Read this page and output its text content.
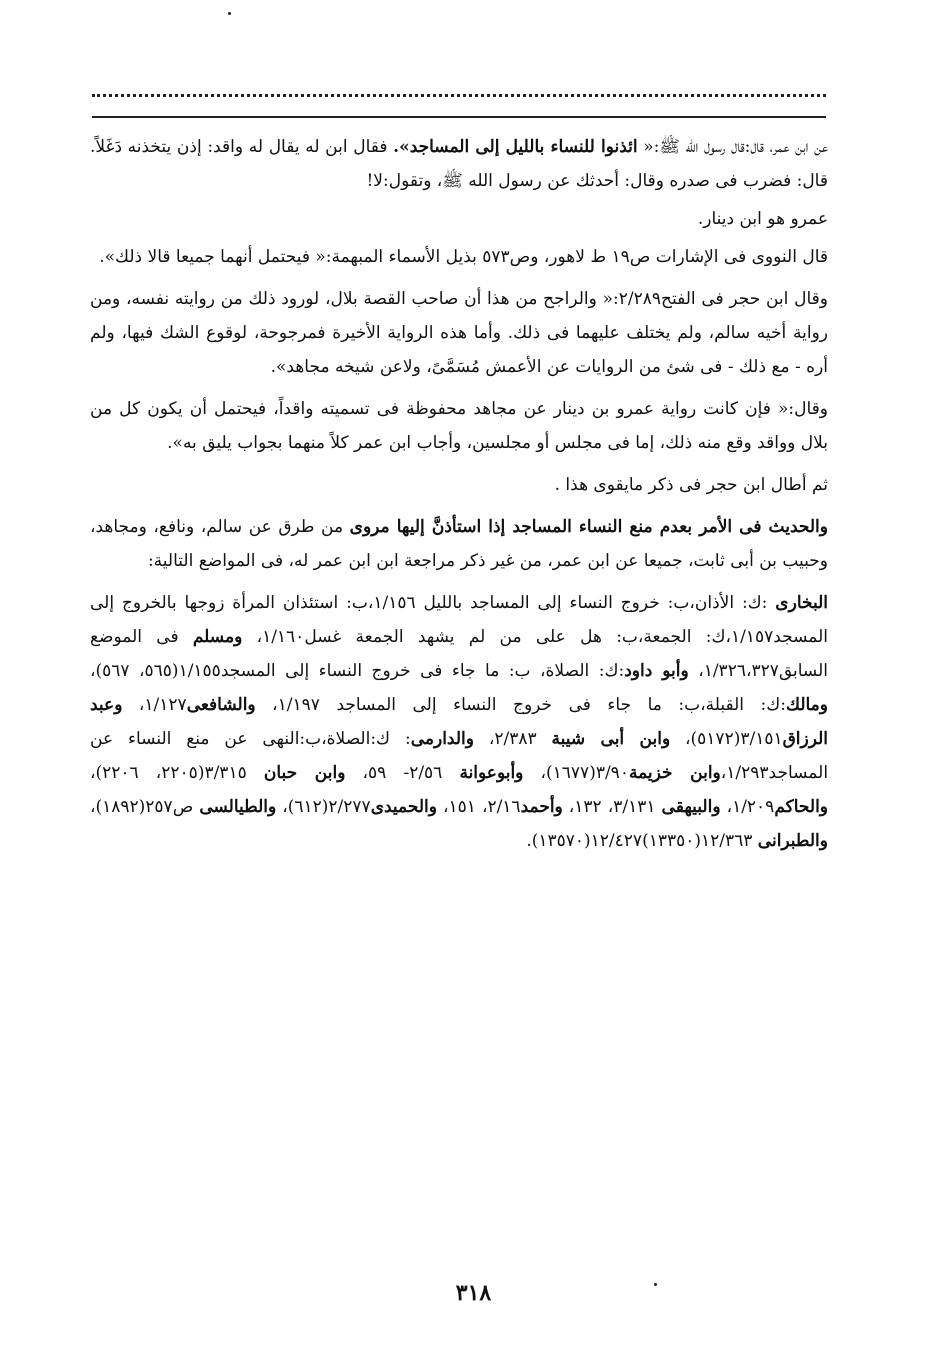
عن ابن عمر، قال:قال رسول الله ﷺ:« ائذنوا للنساء بالليل إلى المساجد». فقال ابن له يقال له واقد: إذن يتخذنه دَغَلاً. قال: فضرب فى صدره وقال: أحدثك عن رسول الله ﷺ، وتقول:لا!

عمرو هو ابن دينار.

قال النووى فى الإشارات ص١٩ ط لاهور، وص٥٧٣ بذيل الأسماء المبهمة:« فيحتمل أنهما جميعا قالا ذلك».

وقال ابن حجر فى الفتح٢/٢٨٩:« والراجح من هذا أن صاحب القصة بلال، لورود ذلك من روايته نفسه، ومن رواية أخيه سالم، ولم يختلف عليهما فى ذلك. وأما هذه الرواية الأخيرة فمرجوحة، لوقوع الشك فيها، ولم أره - مع ذلك - فى شئ من الروايات عن الأعمش مُسَمَّىً، ولاعن شيخه مجاهد».

وقال:« فإن كانت رواية عمرو بن دينار عن مجاهد محفوظة فى تسميته واقداً، فيحتمل أن يكون كل من بلال وواقد وقع منه ذلك، إما فى مجلس أو مجلسين، وأجاب ابن عمر كلاً منهما بجواب يليق به».

ثم أطال ابن حجر فى ذكر مايقوى هذا .

والحديث فى الأمر بعدم منع النساء المساجد إذا استأذنَّ إليها مروى من طرق عن سالم، ونافع، ومجاهد، وحبيب بن أبى ثابت، جميعا عن ابن عمر، من غير ذكر مراجعة ابن ابن عمر له، فى المواضع التالية:

البخارى :ك: الأذان،ب: خروج النساء إلى المساجد بالليل ١/١٥٦،ب: استئذان المرأة زوجها بالخروج إلى المسجد١/١٥٧،ك: الجمعة،ب: هل على من لم يشهد الجمعة غسل١/١٦٠، ومسلم فى الموضع السابق١/٣٢٦،٣٢٧، وأبو داود:ك: الصلاة، ب: ما جاء فى خروج النساء إلى المسجد١/١٥٥(٥٦٥، ٥٦٧)، ومالك:ك: القبلة،ب: ما جاء فى خروج النساء إلى المساجد ١/١٩٧، والشافعى١/١٢٧، وعبد الرزاق٣/١٥١(٥١٧٢)، وابن أبى شيبة ٢/٣٨٣، والدارمى: ك:الصلاة،ب:النهى عن منع النساء عن المساجد١/٢٩٣،وابن خزيمة٣/٩٠(١٦٧٧)، وأبوعوانة ٢/٥٦- ٥٩، وابن حبان ٣/٣١٥(٢٢٠٥، ٢٢٠٦)، والحاكم١/٢٠٩، والبيهقى ٣/١٣١، ١٣٢، وأحمد٢/١٦، ١٥١، والحميدى٢/٢٧٧(٦١٢)، والطيالسى ص٢٥٧(١٨٩٢)، والطبرانى ١٢/٣٦٣(١٣٣٥٠)١٢/٤٢٧(١٣٥٧٠).

٣١٨
